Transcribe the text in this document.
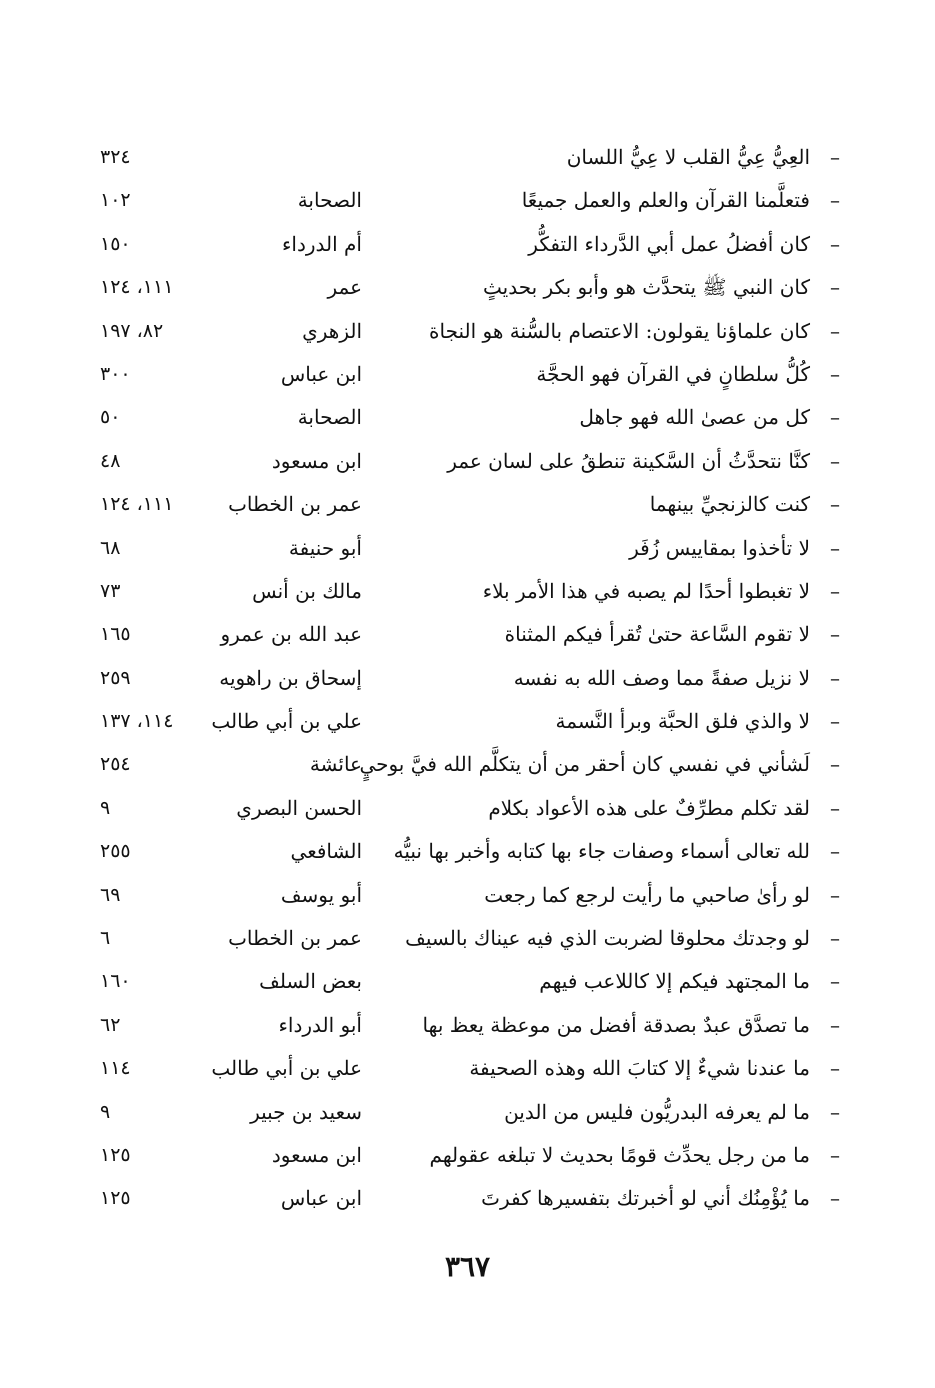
–
العِيُّ عِيُّ القلب لا عِيُّ اللسان
٣٢٤
–
فتعلَّمنا القرآن والعلم والعمل جميعًا
الصحابة
١٠٢
–
كان أفضلُ عمل أبي الدَّرداء التفكُّر
أم الدرداء
١٥٠
–
كان النبي ﷺ يتحدَّث هو وأبو بكر بحديثٍ
عمر
١١١، ١٢٤
–
كان علماؤنا يقولون: الاعتصام بالسُّنة هو النجاة
الزهري
٨٢، ١٩٧
–
كُلُّ سلطانٍ في القرآن فهو الحجَّة
ابن عباس
٣٠٠
–
كل من عصىٰ الله فهو جاهل
الصحابة
٥٠
–
كنَّا نتحدَّثُ أن السَّكينة تنطقُ على لسان عمر
ابن مسعود
٤٨
–
كنت كالزنجيِّ بينهما
عمر بن الخطاب
١١١، ١٢٤
–
لا تأخذوا بمقاييس زُفَر
أبو حنيفة
٦٨
–
لا تغبطوا أحدًا لم يصبه في هذا الأمر بلاء
مالك بن أنس
٧٣
–
لا تقوم السَّاعة حتىٰ تُقرأ فيكم المثناة
عبد الله بن عمرو
١٦٥
–
لا نزيل صفةً مما وصف الله به نفسه
إسحاق بن راهويه
٢٥٩
–
لا والذي فلق الحبَّة وبرأ النَّسمة
علي بن أبي طالب
١١٤، ١٣٧
–
لَشأني في نفسي كان أحقر من أن يتكلَّم الله فيَّ بوحيٍ
عائشة
٢٥٤
–
لقد تكلم مطرِّفٌ على هذه الأعواد بكلام
الحسن البصري
٩
–
لله تعالى أسماء وصفات جاء بها كتابه وأخبر بها نبيُّه
الشافعي
٢٥٥
–
لو رأىٰ صاحبي ما رأيت لرجع كما رجعت
أبو يوسف
٦٩
–
لو وجدتك محلوقا لضربت الذي فيه عيناك بالسيف
عمر بن الخطاب
٦
–
ما المجتهد فيكم إلا كاللاعب فيهم
بعض السلف
١٦٠
–
ما تصدَّق عبدٌ بصدقة أفضل من موعظة يعظ بها
أبو الدرداء
٦٢
–
ما عندنا شيءٌ إلا كتابَ الله وهذه الصحيفة
علي بن أبي طالب
١١٤
–
ما لم يعرفه البدريُّون فليس من الدين
سعيد بن جبير
٩
–
ما من رجل يحدِّث قومًا بحديث لا تبلغه عقولهم
ابن مسعود
١٢٥
–
ما يُؤْمِنُك أني لو أخبرتك بتفسيرها كفرتَ
ابن عباس
١٢٥
٣٦٧
